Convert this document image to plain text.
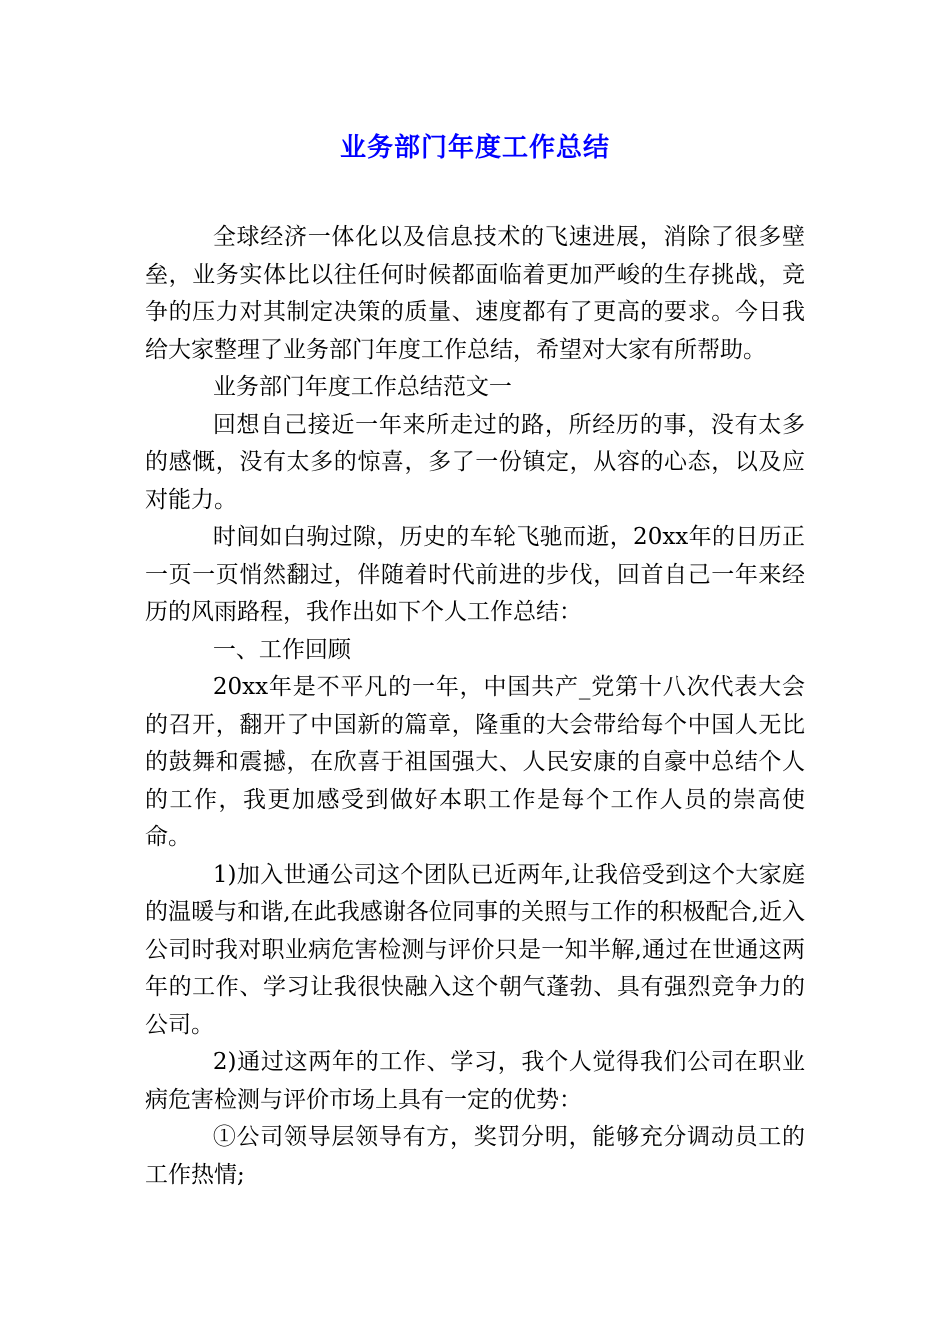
业务部门年度工作总结

全球经济一体化以及信息技术的飞速进展，消除了很多壁垒，业务实体比以往任何时候都面临着更加严峻的生存挑战，竞争的压力对其制定决策的质量、速度都有了更高的要求。今日我给大家整理了业务部门年度工作总结，希望对大家有所帮助。

业务部门年度工作总结范文一

回想自己接近一年来所走过的路，所经历的事，没有太多的感慨，没有太多的惊喜，多了一份镇定，从容的心态，以及应对能力。

时间如白驹过隙，历史的车轮飞驰而逝，20xx年的日历正一页一页悄然翻过，伴随着时代前进的步伐，回首自己一年来经历的风雨路程，我作出如下个人工作总结：

一、工作回顾

20xx年是不平凡的一年，中国共产_党第十八次代表大会的召开，翻开了中国新的篇章，隆重的大会带给每个中国人无比的鼓舞和震撼，在欣喜于祖国强大、人民安康的自豪中总结个人的工作，我更加感受到做好本职工作是每个工作人员的崇高使命。

1)加入世通公司这个团队已近两年,让我倍受到这个大家庭的温暖与和谐,在此我感谢各位同事的关照与工作的积极配合,近入公司时我对职业病危害检测与评价只是一知半解,通过在世通这两年的工作、学习让我很快融入这个朝气蓬勃、具有强烈竞争力的公司。

2)通过这两年的工作、学习，我个人觉得我们公司在职业病危害检测与评价市场上具有一定的优势：

①公司领导层领导有方，奖罚分明，能够充分调动员工的工作热情;
